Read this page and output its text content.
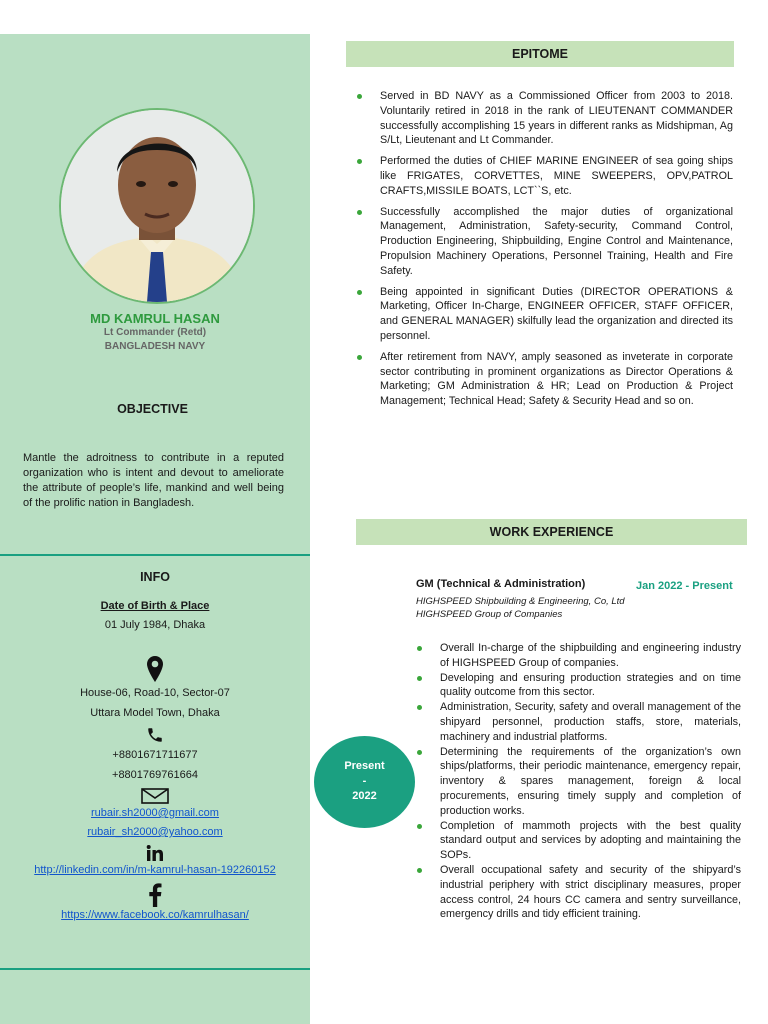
MD KAMRUL HASAN
Lt Commander (Retd)
BANGLADESH NAVY
OBJECTIVE
Mantle the adroitness to contribute in a reputed organization who is intent and devout to ameliorate the attribute of people’s life, mankind and well being of the prolific nation in Bangladesh.
INFO
Date of Birth & Place
01 July 1984, Dhaka
House-06, Road-10, Sector-07
Uttara Model Town, Dhaka
+8801671711677
+8801769761664
rubair.sh2000@gmail.com
rubair_sh2000@yahoo.com
http://linkedin.com/in/m-kamrul-hasan-192260152
https://www.facebook.co/kamrulhasan/
EPITOME
Served in BD NAVY as a Commissioned Officer from 2003 to 2018. Voluntarily retired in 2018 in the rank of LIEUTENANT COMMANDER successfully accomplishing 15 years in different ranks as Midshipman, Ag S/Lt, Lieutenant and Lt Commander.
Performed the duties of CHIEF MARINE ENGINEER of sea going ships like FRIGATES, CORVETTES, MINE SWEEPERS, OPV,PATROL CRAFTS,MISSILE BOATS, LCT``S, etc.
Successfully accomplished the major duties of organizational Management, Administration, Safety-security, Command Control, Production Engineering, Shipbuilding, Engine Control and Maintenance, Propulsion Machinery Operations, Personnel Training, Health and Fire Safety.
Being appointed in significant Duties (DIRECTOR OPERATIONS & Marketing, Officer In-Charge, ENGINEER OFFICER, STAFF OFFICER, and GENERAL MANAGER) skilfully lead the organization and directed its personnel.
After retirement from NAVY, amply seasoned as inveterate in corporate sector contributing in prominent organizations as Director Operations & Marketing; GM Administration & HR; Lead on Production & Project Management; Technical Head; Safety & Security Head and so on.
WORK EXPERIENCE
GM (Technical & Administration)	Jan 2022 - Present
HIGHSPEED Shipbuilding & Engineering, Co, Ltd
HIGHSPEED Group of Companies
Present
-
2022
Overall In-charge of the shipbuilding and engineering industry of HIGHSPEED Group of companies.
Developing and ensuring production strategies and on time quality outcome from this sector.
Administration, Security, safety and overall management of the shipyard personnel, production staffs, store, materials, machinery and industrial platforms.
Determining the requirements of the organization’s own ships/platforms, their periodic maintenance, emergency repair, inventory & spares management, foreign & local procurements, ensuring timely supply and completion of production works.
Completion of mammoth projects with the best quality standard output and services by adopting and maintaining the SOPs.
Overall occupational safety and security of the shipyard’s industrial periphery with strict disciplinary measures, proper access control, 24 hours CC camera and sentry surveillance, emergency drills and tidy efficient training.
